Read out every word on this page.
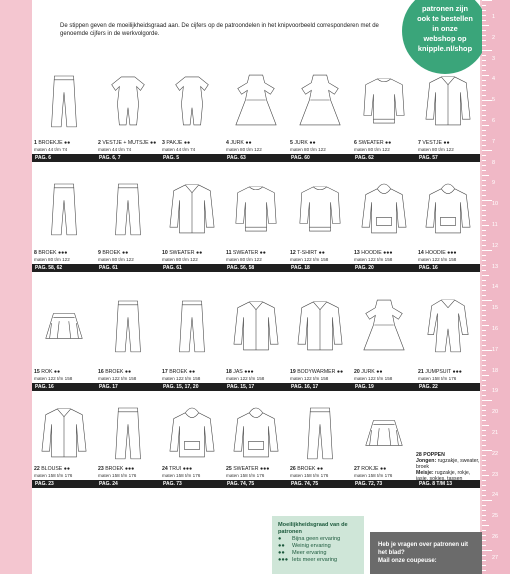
2018	patronen zijn
ook te bestellen
in onze
webshop op
knipple.nl/shop
De stippen geven de moeilijkheidsgraad aan. De cijfers op de patroondelen in het knipvoorbeeld corresponderen met de genoemde cijfers in de werkvolgorde.
1
2
3
4
5
6
7
8
9
10
11
12
13
14
15
16
17
18
19
20
21
22
23
24
25
26
27
1 BROEKJE ●●
maten 44 t/m 74
2 VESTJE + MUTSJE ●●
maten 44 t/m 74
3 PAKJE ●●
maten 44 t/m 74
4 JURK ●●
maten 80 t/m 122
5 JURK ●●
maten 80 t/m 122
6 SWEATER ●●
maten 80 t/m 122
7 VESTJE ●●
maten 80 t/m 122
PAG. 6	PAG. 6, 7	PAG. 5	PAG. 63	PAG. 60	PAG. 62	PAG. 57
8 BROEK ●●●
maten 80 t/m 122
9 BROEK ●●
maten 80 t/m 122
10 SWEATER ●●
maten 80 t/m 122
11 SWEATER ●●
maten 80 t/m 122
12 T-SHIRT ●●
maten 122 t/m 158
13 HOODIE ●●●
maten 122 t/m 158
14 HOODIE ●●●
maten 122 t/m 158
PAG. 58, 62	PAG. 61	PAG. 61	PAG. 56, 58	PAG. 18	PAG. 20	PAG. 16
15 ROK ●●
maten 122 t/m 158
16 BROEK ●●
maten 122 t/m 158
17 BROEK ●●
maten 122 t/m 158
18 JAS ●●●
maten 122 t/m 158
19 BODYWARMER ●●
maten 122 t/m 158
20 JURK ●●
maten 122 t/m 158
21 JUMPSUIT ●●●
maten 158 t/m 176
PAG. 16	PAG. 17	PAG. 15, 17, 20	PAG. 15, 17	PAG. 16, 17	PAG. 19	PAG. 22
22 BLOUSE ●●
maten 158 t/m 176
23 BROEK ●●●
maten 158 t/m 176
24 TRUI ●●●
maten 158 t/m 176
25 SWEATER ●●●
maten 158 t/m 176
26 BROEK ●●
maten 158 t/m 176
27 ROKJE ●●
maten 158 t/m 176
PAG. 23	PAG. 24	PAG. 73	PAG. 74, 75	PAG. 74, 75	PAG. 72, 73	PAG. 8 T/M 13
28 POPPEN
Jongen: rugzakje, sweater, broek
Meisje: rugzakje, rokje, jasje, sokjes, tassen
Moeilijkheidsgraad van de patronen
● Bijna geen ervaring
●● Weinig ervaring
●● Meer ervaring
●●● Iets meer ervaring
Heb je vragen over patronen uit het blad?
Mail onze coupeuse:
